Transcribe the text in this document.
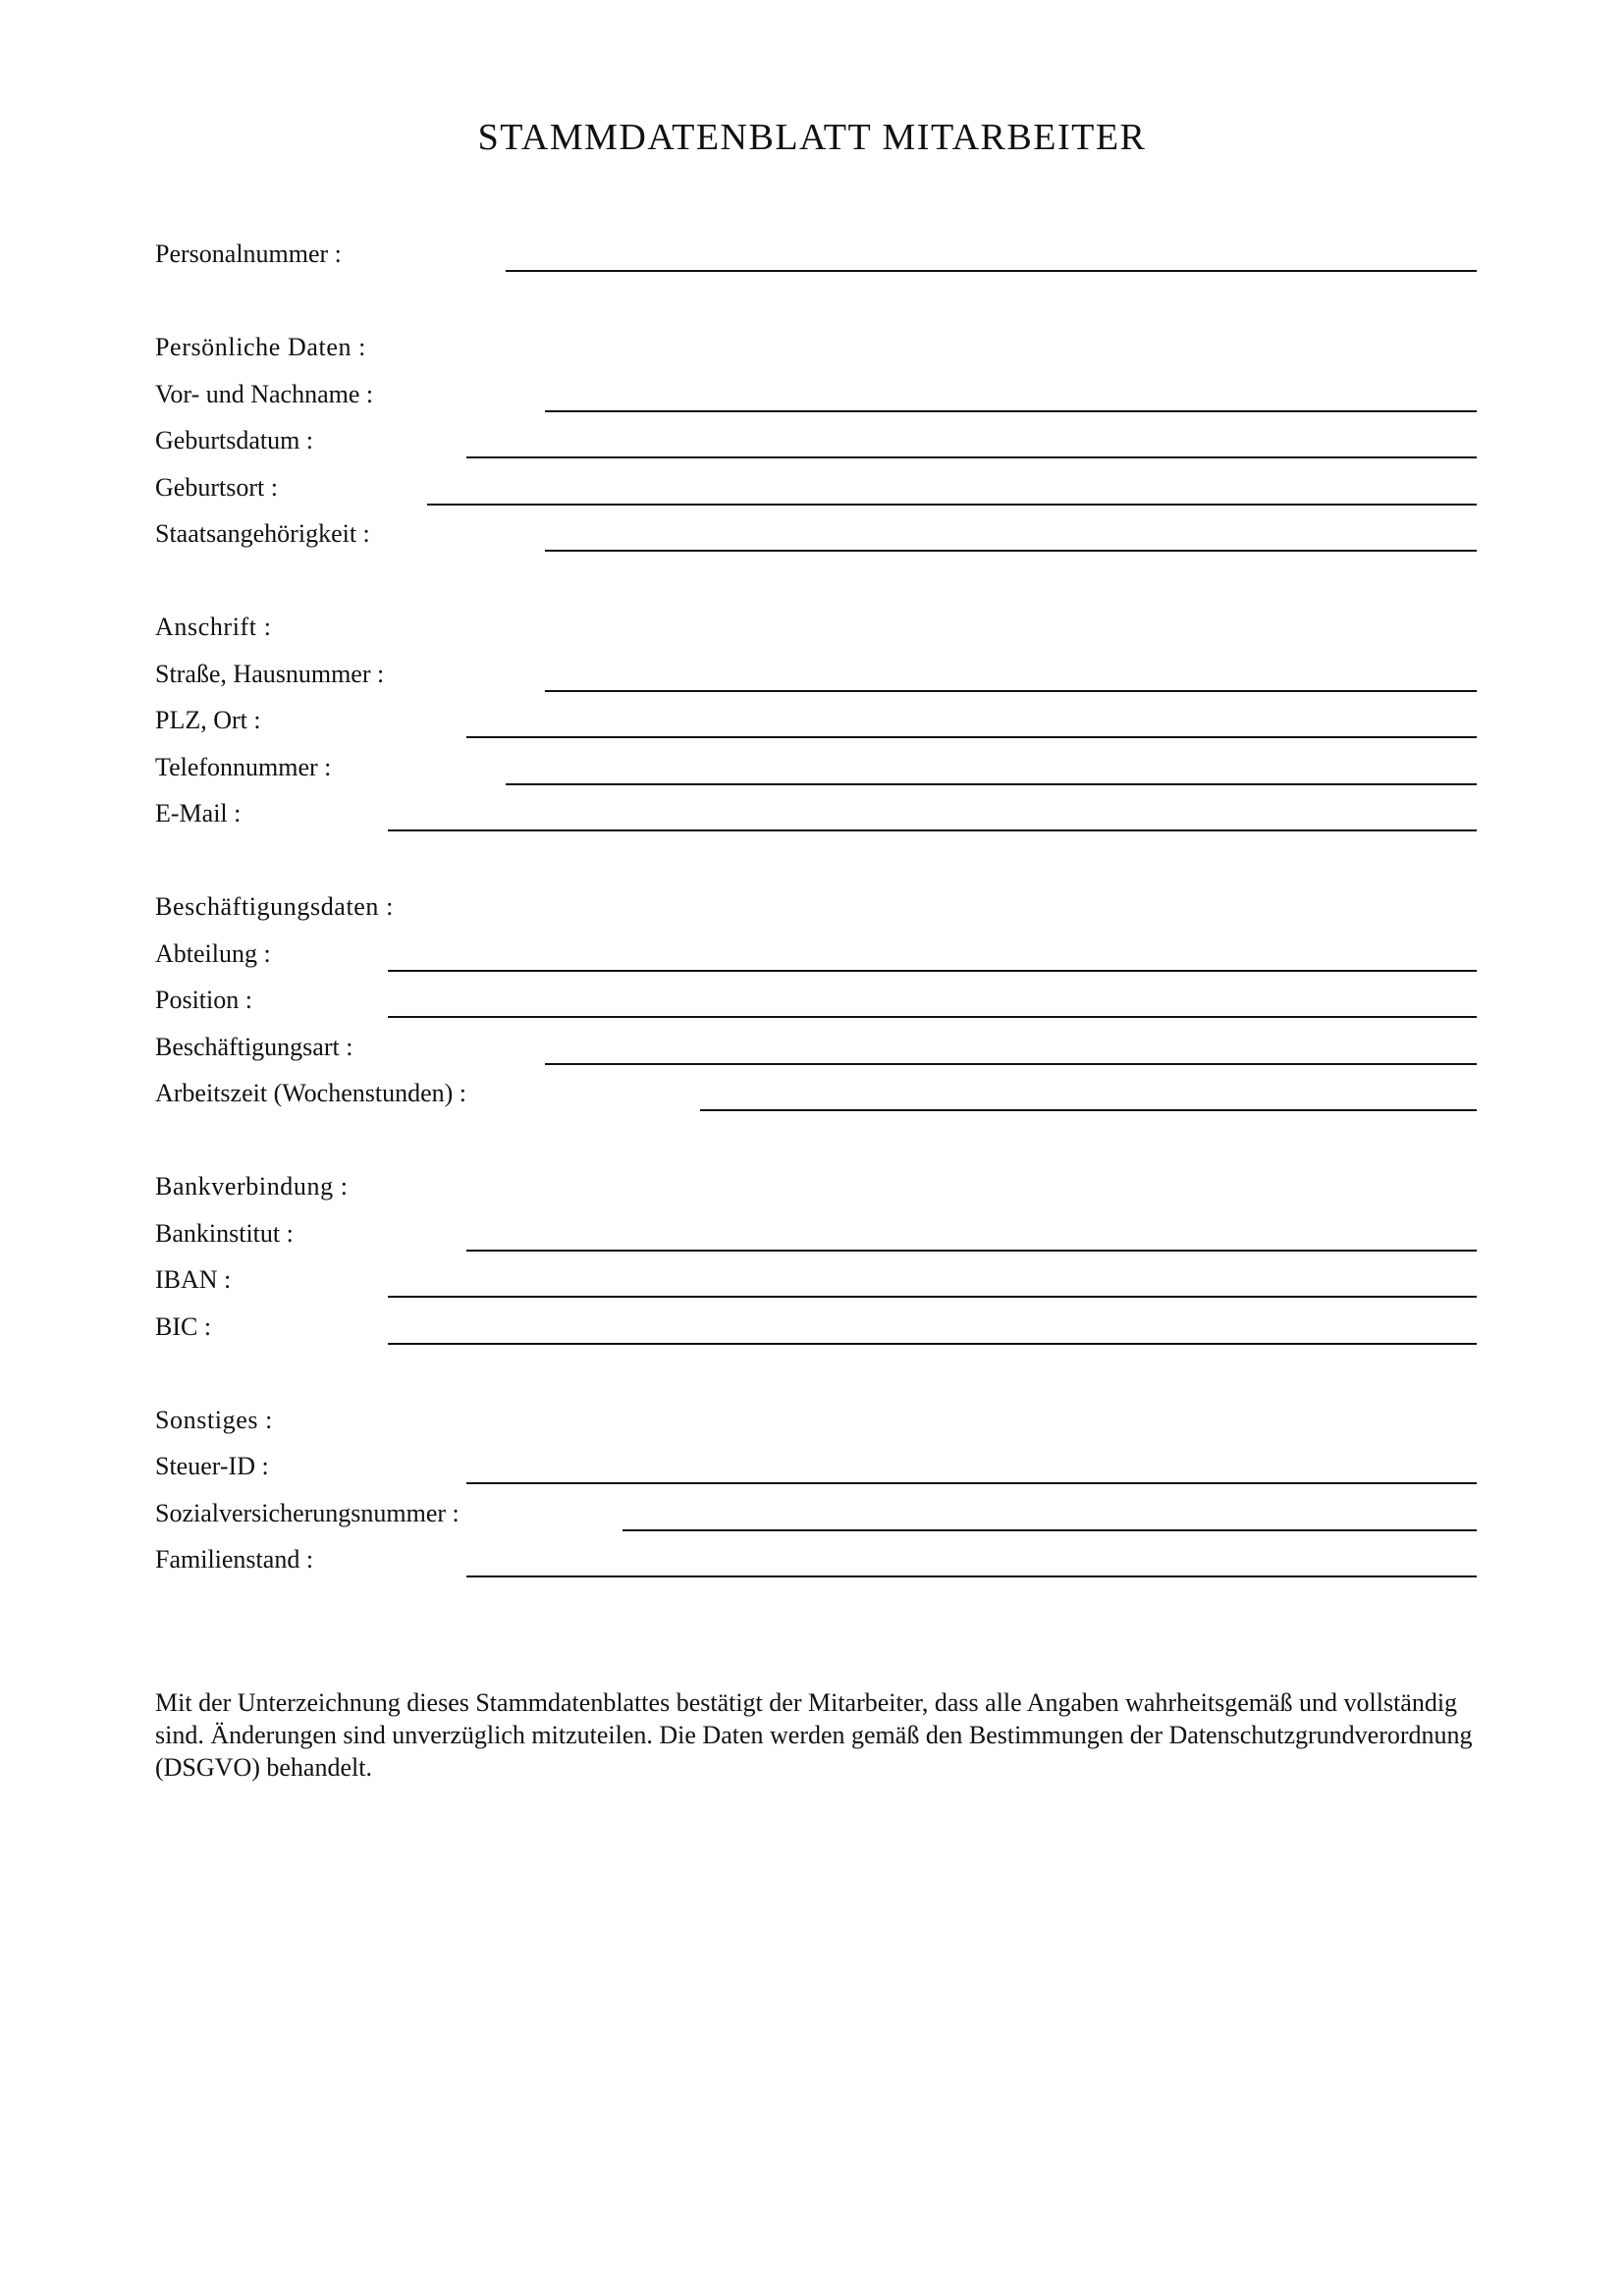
STAMMDATENBLATT MITARBEITER
Personalnummer :
Persönliche Daten :
Vor- und Nachname :
Geburtsdatum :
Geburtsort :
Staatsangehörigkeit :
Anschrift :
Straße, Hausnummer :
PLZ, Ort :
Telefonnummer :
E-Mail :
Beschäftigungsdaten :
Abteilung :
Position :
Beschäftigungsart :
Arbeitszeit (Wochenstunden) :
Bankverbindung :
Bankinstitut :
IBAN :
BIC :
Sonstiges :
Steuer-ID :
Sozialversicherungsnummer :
Familienstand :

Mit der Unterzeichnung dieses Stammdatenblattes bestätigt der Mitarbeiter, dass alle Angaben wahrheitsgemäß und vollständig sind. Änderungen sind unverzüglich mitzuteilen. Die Daten werden gemäß den Bestimmungen der Datenschutzgrundverordnung (DSGVO) behandelt.
